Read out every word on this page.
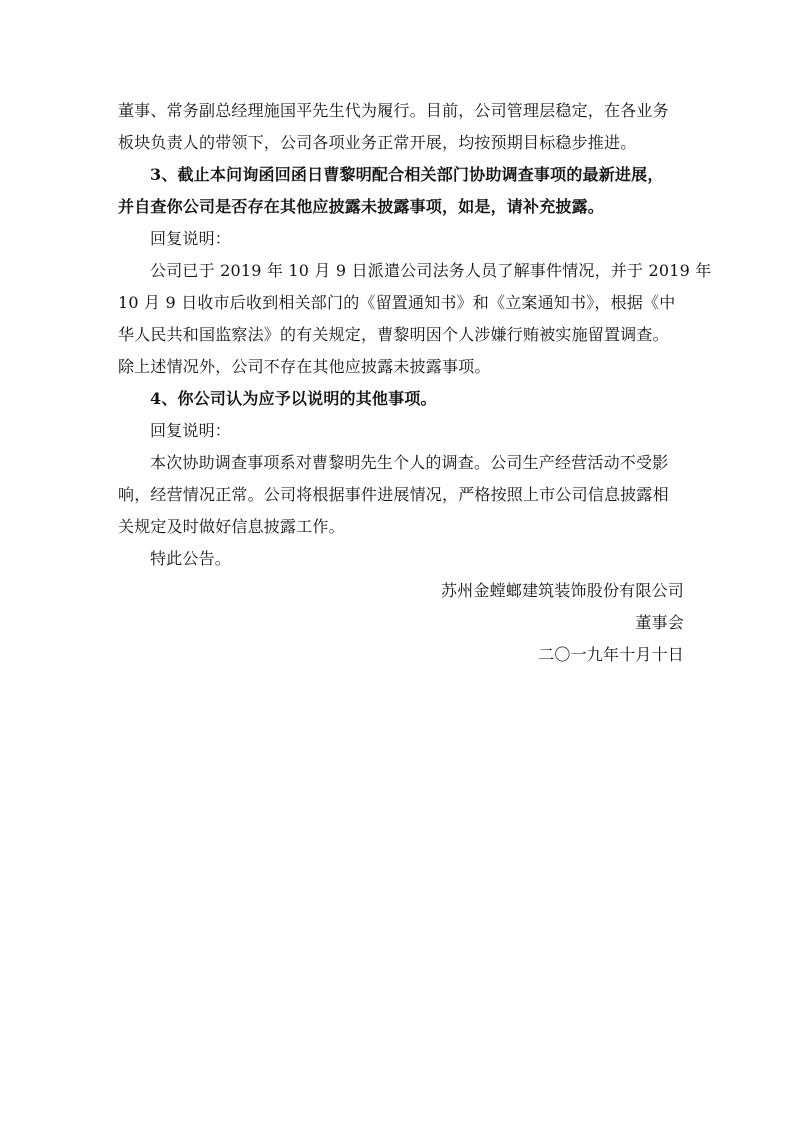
董事、常务副总经理施国平先生代为履行。目前，公司管理层稳定，在各业务
板块负责人的带领下，公司各项业务正常开展，均按预期目标稳步推进。

3、截止本问询函回函日曹黎明配合相关部门协助调查事项的最新进展，
并自查你公司是否存在其他应披露未披露事项，如是，请补充披露。

回复说明：

公司已于 2019 年 10 月 9 日派遣公司法务人员了解事件情况，并于 2019 年
10 月 9 日收市后收到相关部门的《留置通知书》和《立案通知书》，根据《中
华人民共和国监察法》的有关规定，曹黎明因个人涉嫌行贿被实施留置调查。
除上述情况外，公司不存在其他应披露未披露事项。

4、你公司认为应予以说明的其他事项。

回复说明：

本次协助调查事项系对曹黎明先生个人的调查。公司生产经营活动不受影
响，经营情况正常。公司将根据事件进展情况，严格按照上市公司信息披露相
关规定及时做好信息披露工作。

特此公告。

苏州金螳螂建筑装饰股份有限公司

董事会

二〇一九年十月十日
